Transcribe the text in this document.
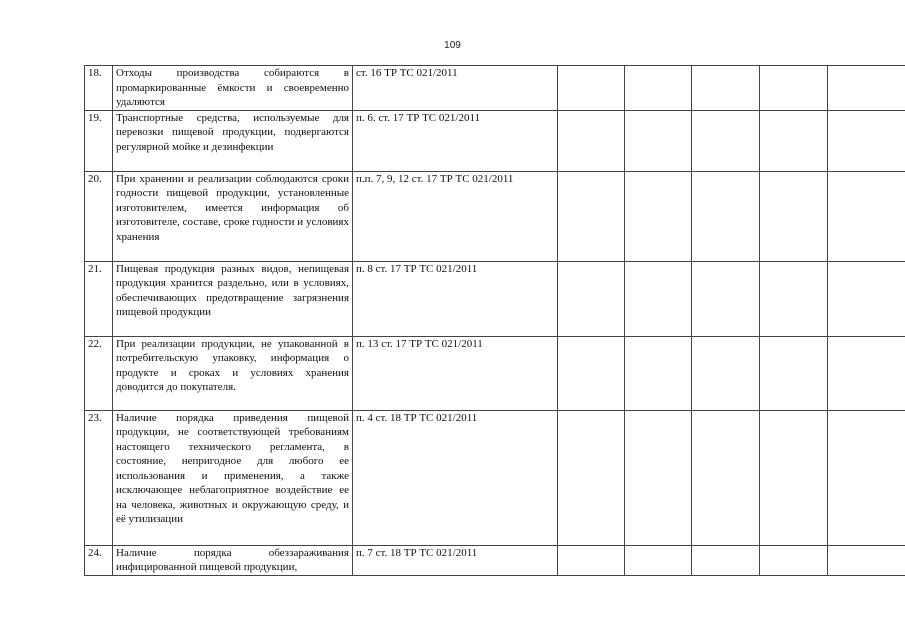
109
18.	Отходы производства собираются в промаркированные ёмкости и своевременно удаляются	ст. 16 ТР ТС 021/2011					
19.	Транспортные средства, используемые для перевозки пищевой продукции, подвергаются регулярной мойке и дезинфекции	п. 6. ст. 17 ТР ТС 021/2011					
20.	При хранении и реализации соблюдаются сроки годности пищевой продукции, установленные изготовителем, имеется информация об изготовителе, составе, сроке годности и условиях хранения	п.п. 7, 9, 12 ст. 17 ТР ТС 021/2011					
21.	Пищевая продукция разных видов, непищевая продукция хранится раздельно, или в условиях, обеспечивающих предотвращение загрязнения пищевой продукции	п. 8 ст. 17 ТР ТС 021/2011					
22.	При реализации продукции, не упакованной в потребительскую упаковку, информация о продукте и сроках и условиях хранения доводится до покупателя.	п. 13 ст. 17 ТР ТС 021/2011					
23.	Наличие порядка приведения пищевой продукции, не соответствующей требованиям настоящего технического регламента, в состояние, непригодное для любого ее использования и применения, а также исключающее неблагоприятное воздействие ее на человека, животных и окружающую среду, и её утилизации	п. 4 ст. 18 ТР ТС 021/2011					
24.	Наличие порядка обеззараживания инфицированной пищевой продукции,	п. 7 ст. 18 ТР ТС 021/2011					
